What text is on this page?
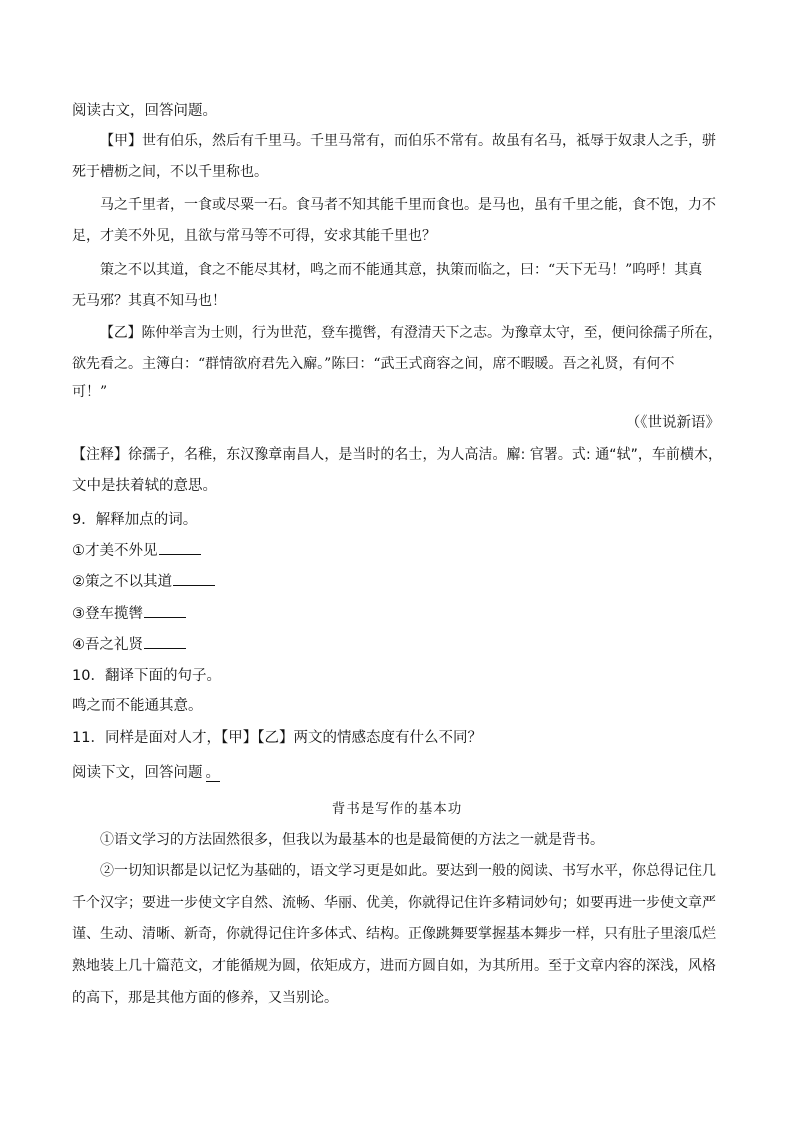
阅读古文，回答问题。
【甲】世有伯乐，然后有千里马。千里马常有，而伯乐不常有。故虽有名马，祗辱于奴隶人之手，骈
死于槽枥之间，不以千里称也。
马之千里者，一食或尽粟一石。食马者不知其能千里而食也。是马也，虽有千里之能，食不饱，力不
足，才美不外见，且欲与常马等不可得，安求其能千里也？
策之不以其道，食之不能尽其材，鸣之而不能通其意，执策而临之，曰：“天下无马！”呜呼！其真
无马邪？其真不知马也！
【乙】陈仲举言为士则，行为世范，登车揽辔，有澄清天下之志。为豫章太守，至，便问徐孺子所在，
欲先看之。主簿白：“群情欲府君先入廨。”陈曰：“武王式商容之间，席不暇暖。吾之礼贤，有何不
可！”
（《世说新语》
【注释】徐孺子，名稚，东汉豫章南昌人，是当时的名士，为人高洁。廨: 官署。式: 通“轼”，车前横木，
文中是扶着轼的意思。
9．解释加点的词。
①才美不外见
②策之不以其道
③登车揽辔
④吾之礼贤
10．翻译下面的句子。
鸣之而不能通其意。
11．同样是面对人才，【甲】【乙】两文的情感态度有什么不同？
阅读下文，回答问题 。
背书是写作的基本功
①语文学习的方法固然很多，但我以为最基本的也是最简便的方法之一就是背书。
②一切知识都是以记忆为基础的，语文学习更是如此。要达到一般的阅读、书写水平，你总得记住几
千个汉字；要进一步使文字自然、流畅、华丽、优美，你就得记住许多精词妙句；如要再进一步使文章严
谨、生动、清晰、新奇，你就得记住许多体式、结构。正像跳舞要掌握基本舞步一样，只有肚子里滚瓜烂
熟地装上几十篇范文，才能循规为圆，依矩成方，进而方圆自如，为其所用。至于文章内容的深浅，风格
的高下，那是其他方面的修养，又当别论。
